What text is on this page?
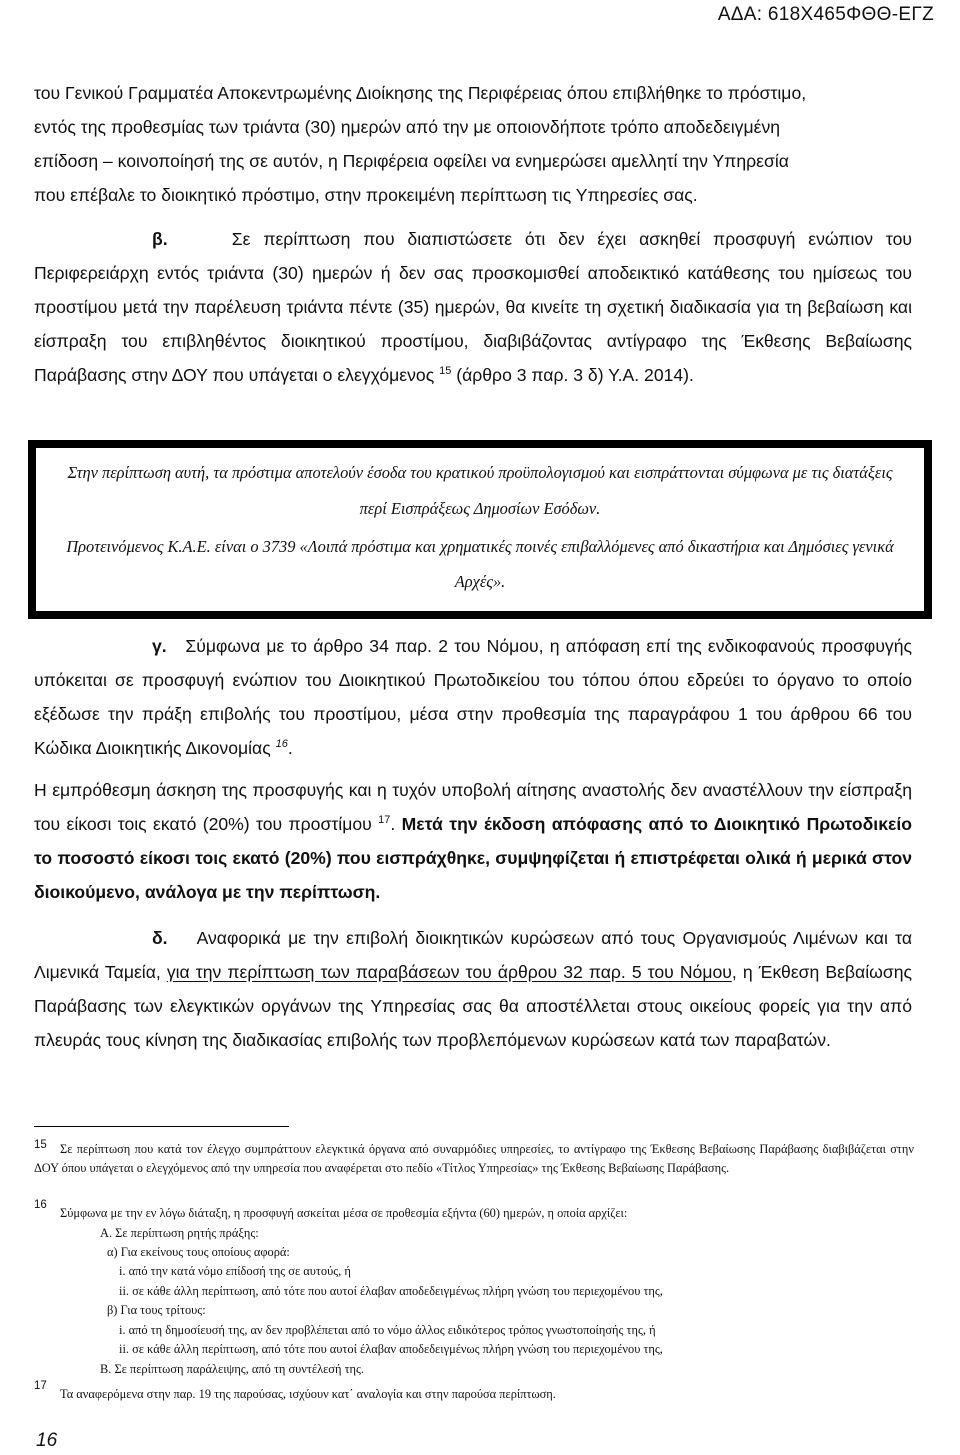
ΑΔΑ: 618Χ465ΦΘΘ-ΕΓΖ
του Γενικού Γραμματέα Αποκεντρωμένης Διοίκησης της Περιφέρειας όπου επιβλήθηκε το πρόστιμο,
εντός της προθεσμίας των τριάντα (30) ημερών από την με οποιονδήποτε τρόπο αποδεδειγμένη
επίδοση – κοινοποίησή της σε αυτόν, η Περιφέρεια οφείλει να ενημερώσει αμελλητί την Υπηρεσία
που επέβαλε το διοικητικό πρόστιμο, στην προκειμένη περίπτωση τις Υπηρεσίες σας.
β.	Σε περίπτωση που διαπιστώσετε ότι δεν έχει ασκηθεί προσφυγή ενώπιον του Περιφερειάρχη εντός τριάντα (30) ημερών ή δεν σας προσκομισθεί αποδεικτικό κατάθεσης του ημίσεως του προστίμου μετά την παρέλευση τριάντα πέντε (35) ημερών, θα κινείτε τη σχετική διαδικασία για τη βεβαίωση και είσπραξη του επιβληθέντος διοικητικού προστίμου, διαβιβάζοντας αντίγραφο της Έκθεσης Βεβαίωσης Παράβασης στην ΔΟΥ που υπάγεται ο ελεγχόμενος $^{15}$ (άρθρο 3 παρ. 3 δ) Υ.Α. 2014).
Στην περίπτωση αυτή, τα πρόστιμα αποτελούν έσοδα του κρατικού προϋπολογισμού και εισπράττονται σύμφωνα με τις διατάξεις
περί Εισπράξεως Δημοσίων Εσόδων.
Προτεινόμενος Κ.Α.Ε. είναι ο 3739 «Λοιπά πρόστιμα και χρηματικές ποινές επιβαλλόμενες από δικαστήρια και Δημόσιες γενικά
Αρχές».
γ. Σύμφωνα με το άρθρο 34 παρ. 2 του Νόμου, η απόφαση επί της ενδικοφανούς προσφυγής υπόκειται σε προσφυγή ενώπιον του Διοικητικού Πρωτοδικείου του τόπου όπου εδρεύει το όργανο το οποίο εξέδωσε την πράξη επιβολής του προστίμου, μέσα στην προθεσμία της παραγράφου 1 του άρθρου 66 του Κώδικα Διοικητικής Δικονομίας $^{16}$.
Η εμπρόθεσμη άσκηση της προσφυγής και η τυχόν υποβολή αίτησης αναστολής δεν αναστέλλουν την είσπραξη του είκοσι τοις εκατό (20%) του προστίμου $^{17}$. Μετά την έκδοση απόφασης από το Διοικητικό Πρωτοδικείο το ποσοστό είκοσι τοις εκατό (20%) που εισπράχθηκε, συμψηφίζεται ή επιστρέφεται ολικά ή μερικά στον διοικούμενο, ανάλογα με την περίπτωση.
δ. Αναφορικά με την επιβολή διοικητικών κυρώσεων από τους Οργανισμούς Λιμένων και τα Λιμενικά Ταμεία, για την περίπτωση των παραβάσεων του άρθρου 32 παρ. 5 του Νόμου, η Έκθεση Βεβαίωσης Παράβασης των ελεγκτικών οργάνων της Υπηρεσίας σας θα αποστέλλεται στους οικείους φορείς για την από πλευράς τους κίνηση της διαδικασίας επιβολής των προβλεπόμενων κυρώσεων κατά των παραβατών.
15 Σε περίπτωση που κατά τον έλεγχο συμπράττουν ελεγκτικά όργανα από συναρμόδιες υπηρεσίες, το αντίγραφο της Έκθεσης Βεβαίωσης Παράβασης διαβιβάζεται στην ΔΟΥ όπου υπάγεται ο ελεγχόμενος από την υπηρεσία που αναφέρεται στο πεδίο «Τίτλος Υπηρεσίας» της Έκθεσης Βεβαίωσης Παράβασης.
16
Σύμφωνα με την εν λόγω διάταξη, η προσφυγή ασκείται μέσα σε προθεσμία εξήντα (60) ημερών, η οποία αρχίζει:
Α. Σε περίπτωση ρητής πράξης:
α) Για εκείνους τους οποίους αφορά:
i. από την κατά νόμο επίδοσή της σε αυτούς, ή
ii. σε κάθε άλλη περίπτωση, από τότε που αυτοί έλαβαν αποδεδειγμένως πλήρη γνώση του περιεχομένου της,
β) Για τους τρίτους:
i. από τη δημοσίευσή της, αν δεν προβλέπεται από το νόμο άλλος ειδικότερος τρόπος γνωστοποίησής της, ή
ii. σε κάθε άλλη περίπτωση, από τότε που αυτοί έλαβαν αποδεδειγμένως πλήρη γνώση του περιεχομένου της,
Β. Σε περίπτωση παράλειψης, από τη συντέλεσή της.
17
Τα αναφερόμενα στην παρ. 19 της παρούσας, ισχύουν κατ΄ αναλογία και στην παρούσα περίπτωση.
16
